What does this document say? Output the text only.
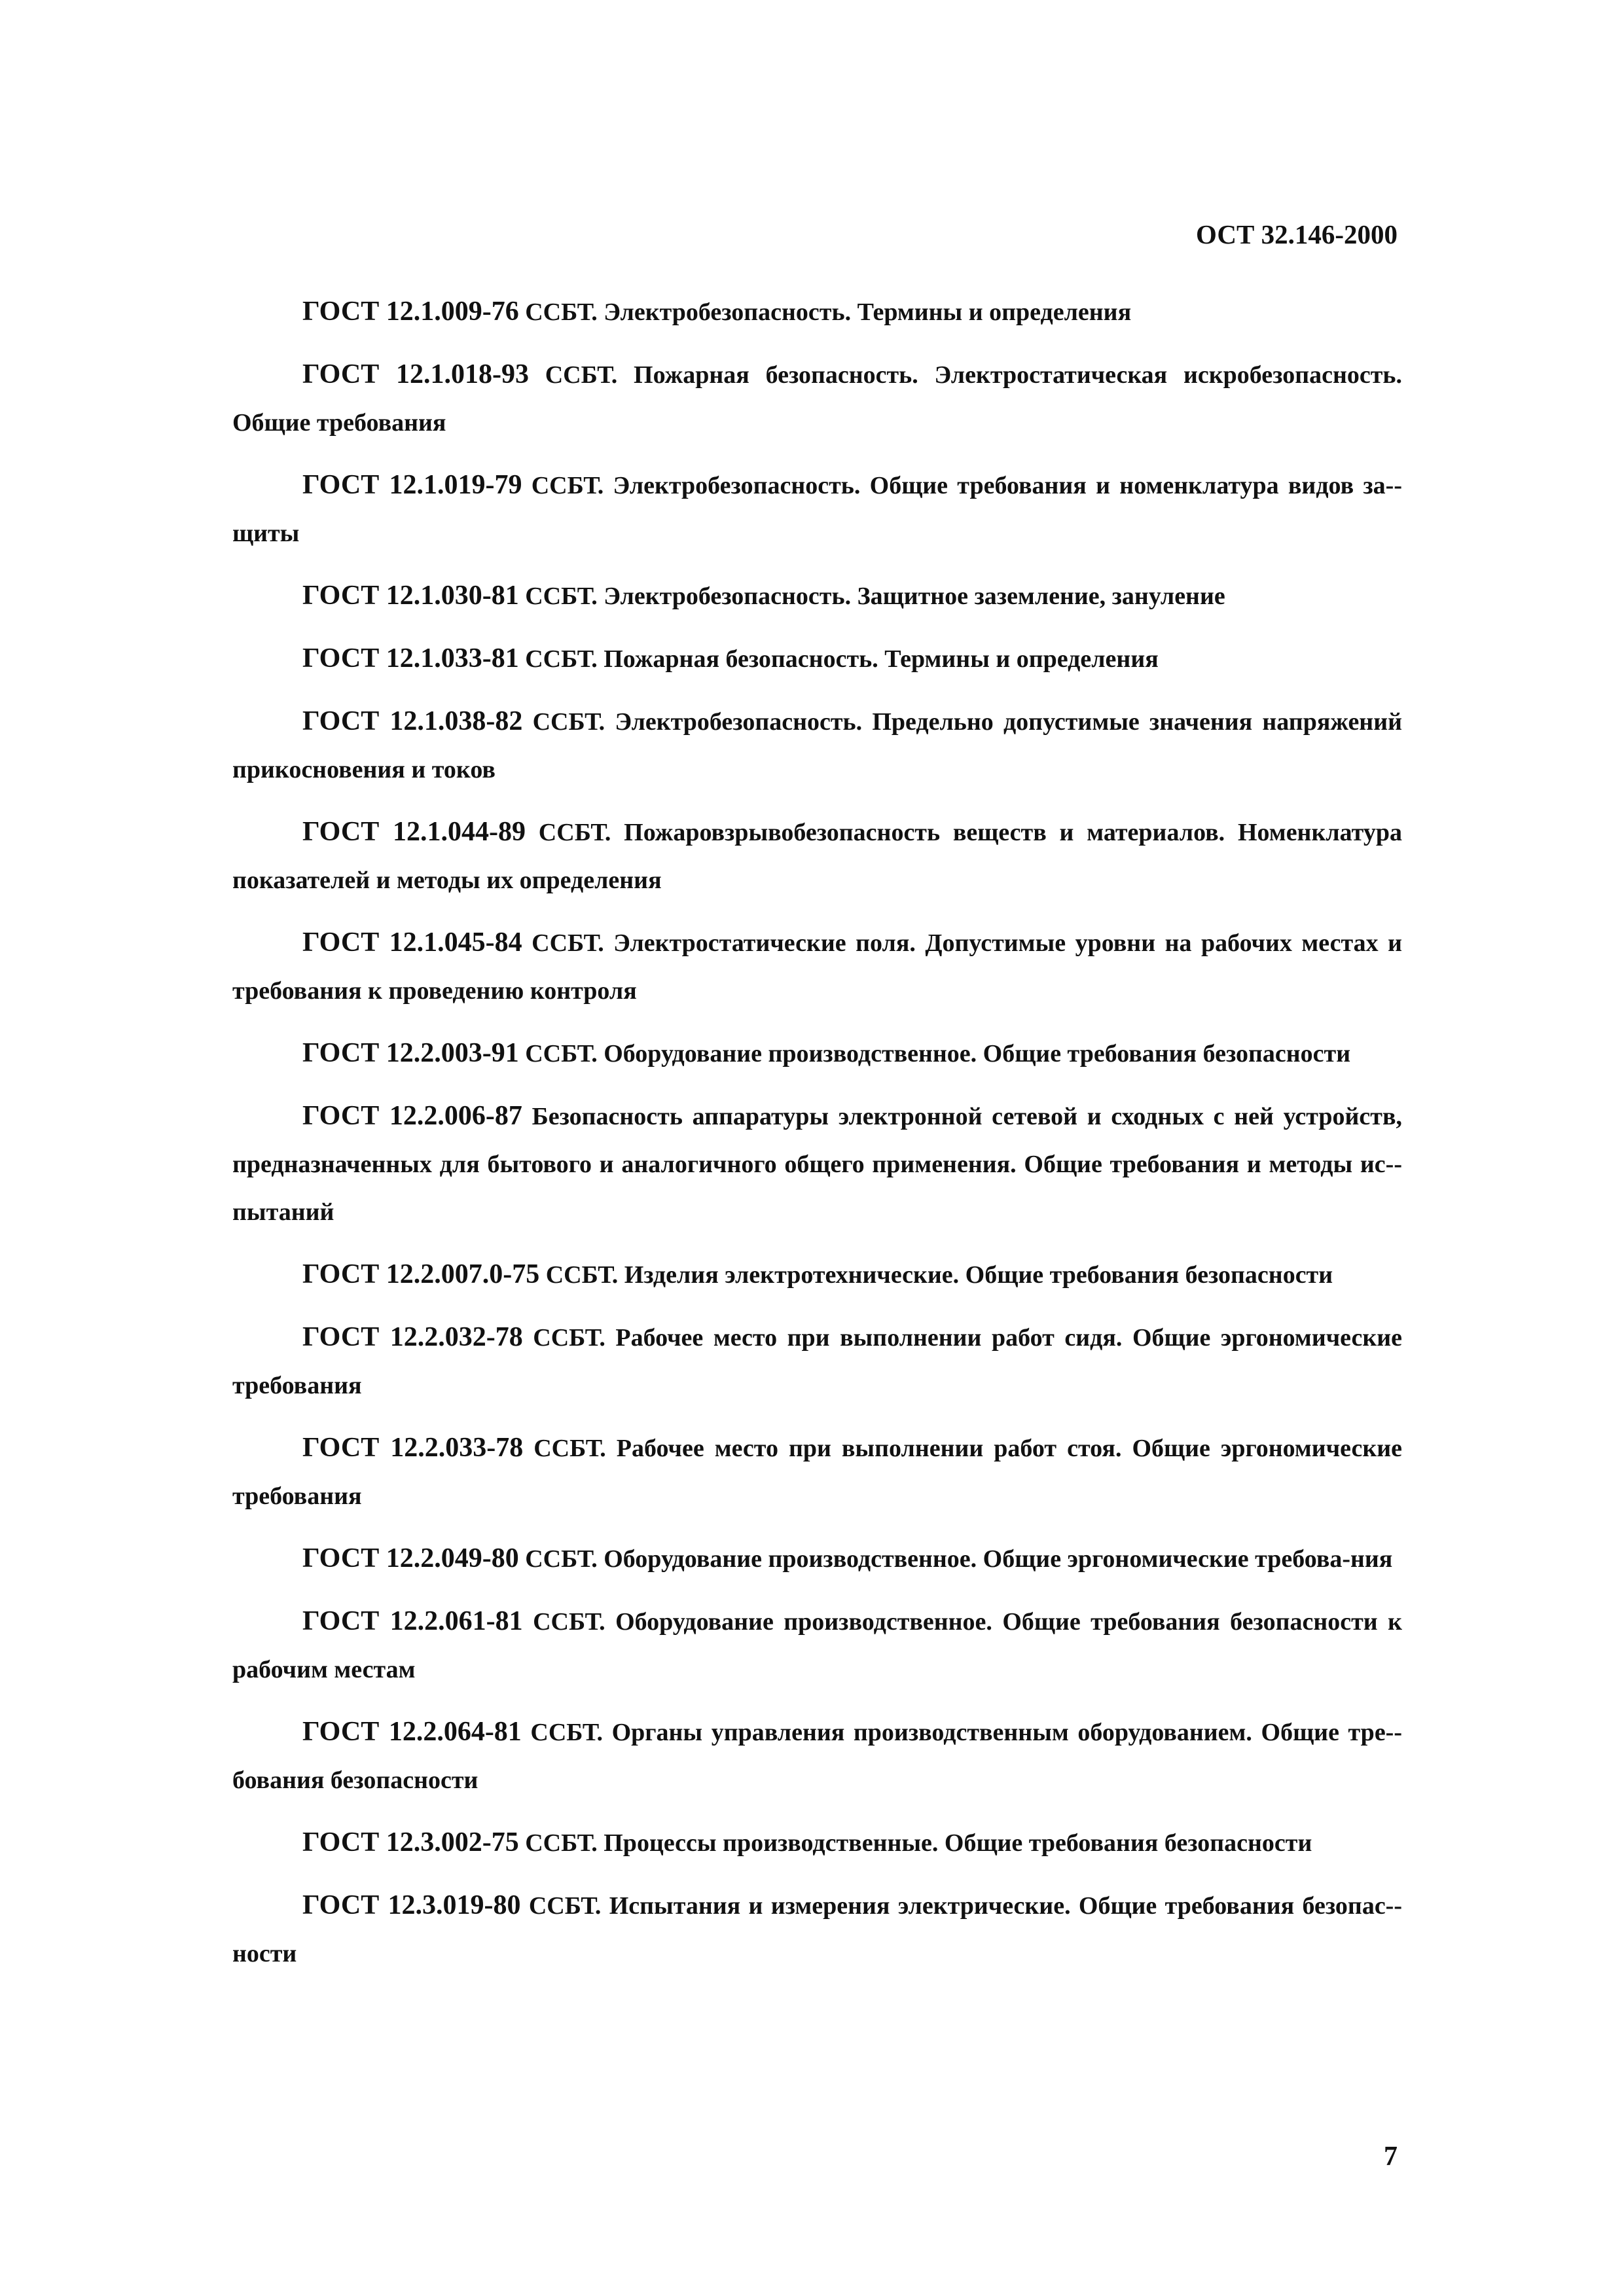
ОСТ 32.146-2000

ГОСТ 12.1.009-76 ССБТ. Электробезопасность. Термины и определения

ГОСТ 12.1.018-93 ССБТ. Пожарная безопасность. Электростатическая искробезопасность. Общие требования

ГОСТ 12.1.019-79 ССБТ. Электробезопасность. Общие требования и номенклатура видов за-щиты

ГОСТ 12.1.030-81 ССБТ. Электробезопасность. Защитное заземление, зануление

ГОСТ 12.1.033-81 ССБТ. Пожарная безопасность. Термины и определения

ГОСТ 12.1.038-82 ССБТ. Электробезопасность. Предельно допустимые значения напряжений прикосновения и токов

ГОСТ 12.1.044-89 ССБТ. Пожаровзрывобезопасность веществ и материалов. Номенклатура показателей и методы их определения

ГОСТ 12.1.045-84 ССБТ. Электростатические поля. Допустимые уровни на рабочих местах и требования к проведению контроля

ГОСТ 12.2.003-91 ССБТ. Оборудование производственное. Общие требования безопасности

ГОСТ 12.2.006-87 Безопасность аппаратуры электронной сетевой и сходных с ней устройств, предназначенных для бытового и аналогичного общего применения. Общие требования и методы ис-пытаний

ГОСТ 12.2.007.0-75 ССБТ. Изделия электротехнические. Общие требования безопасности

ГОСТ 12.2.032-78 ССБТ. Рабочее место при выполнении работ сидя. Общие эргономические требования

ГОСТ 12.2.033-78 ССБТ. Рабочее место при выполнении работ стоя. Общие эргономические требования

ГОСТ 12.2.049-80 ССБТ. Оборудование производственное. Общие эргономические требова-ния

ГОСТ 12.2.061-81 ССБТ. Оборудование производственное. Общие требования безопасности к рабочим местам

ГОСТ 12.2.064-81 ССБТ. Органы управления производственным оборудованием. Общие тре-бования безопасности

ГОСТ 12.3.002-75 ССБТ. Процессы производственные. Общие требования безопасности

ГОСТ 12.3.019-80 ССБТ. Испытания и измерения электрические. Общие требования безопас-ности

7
